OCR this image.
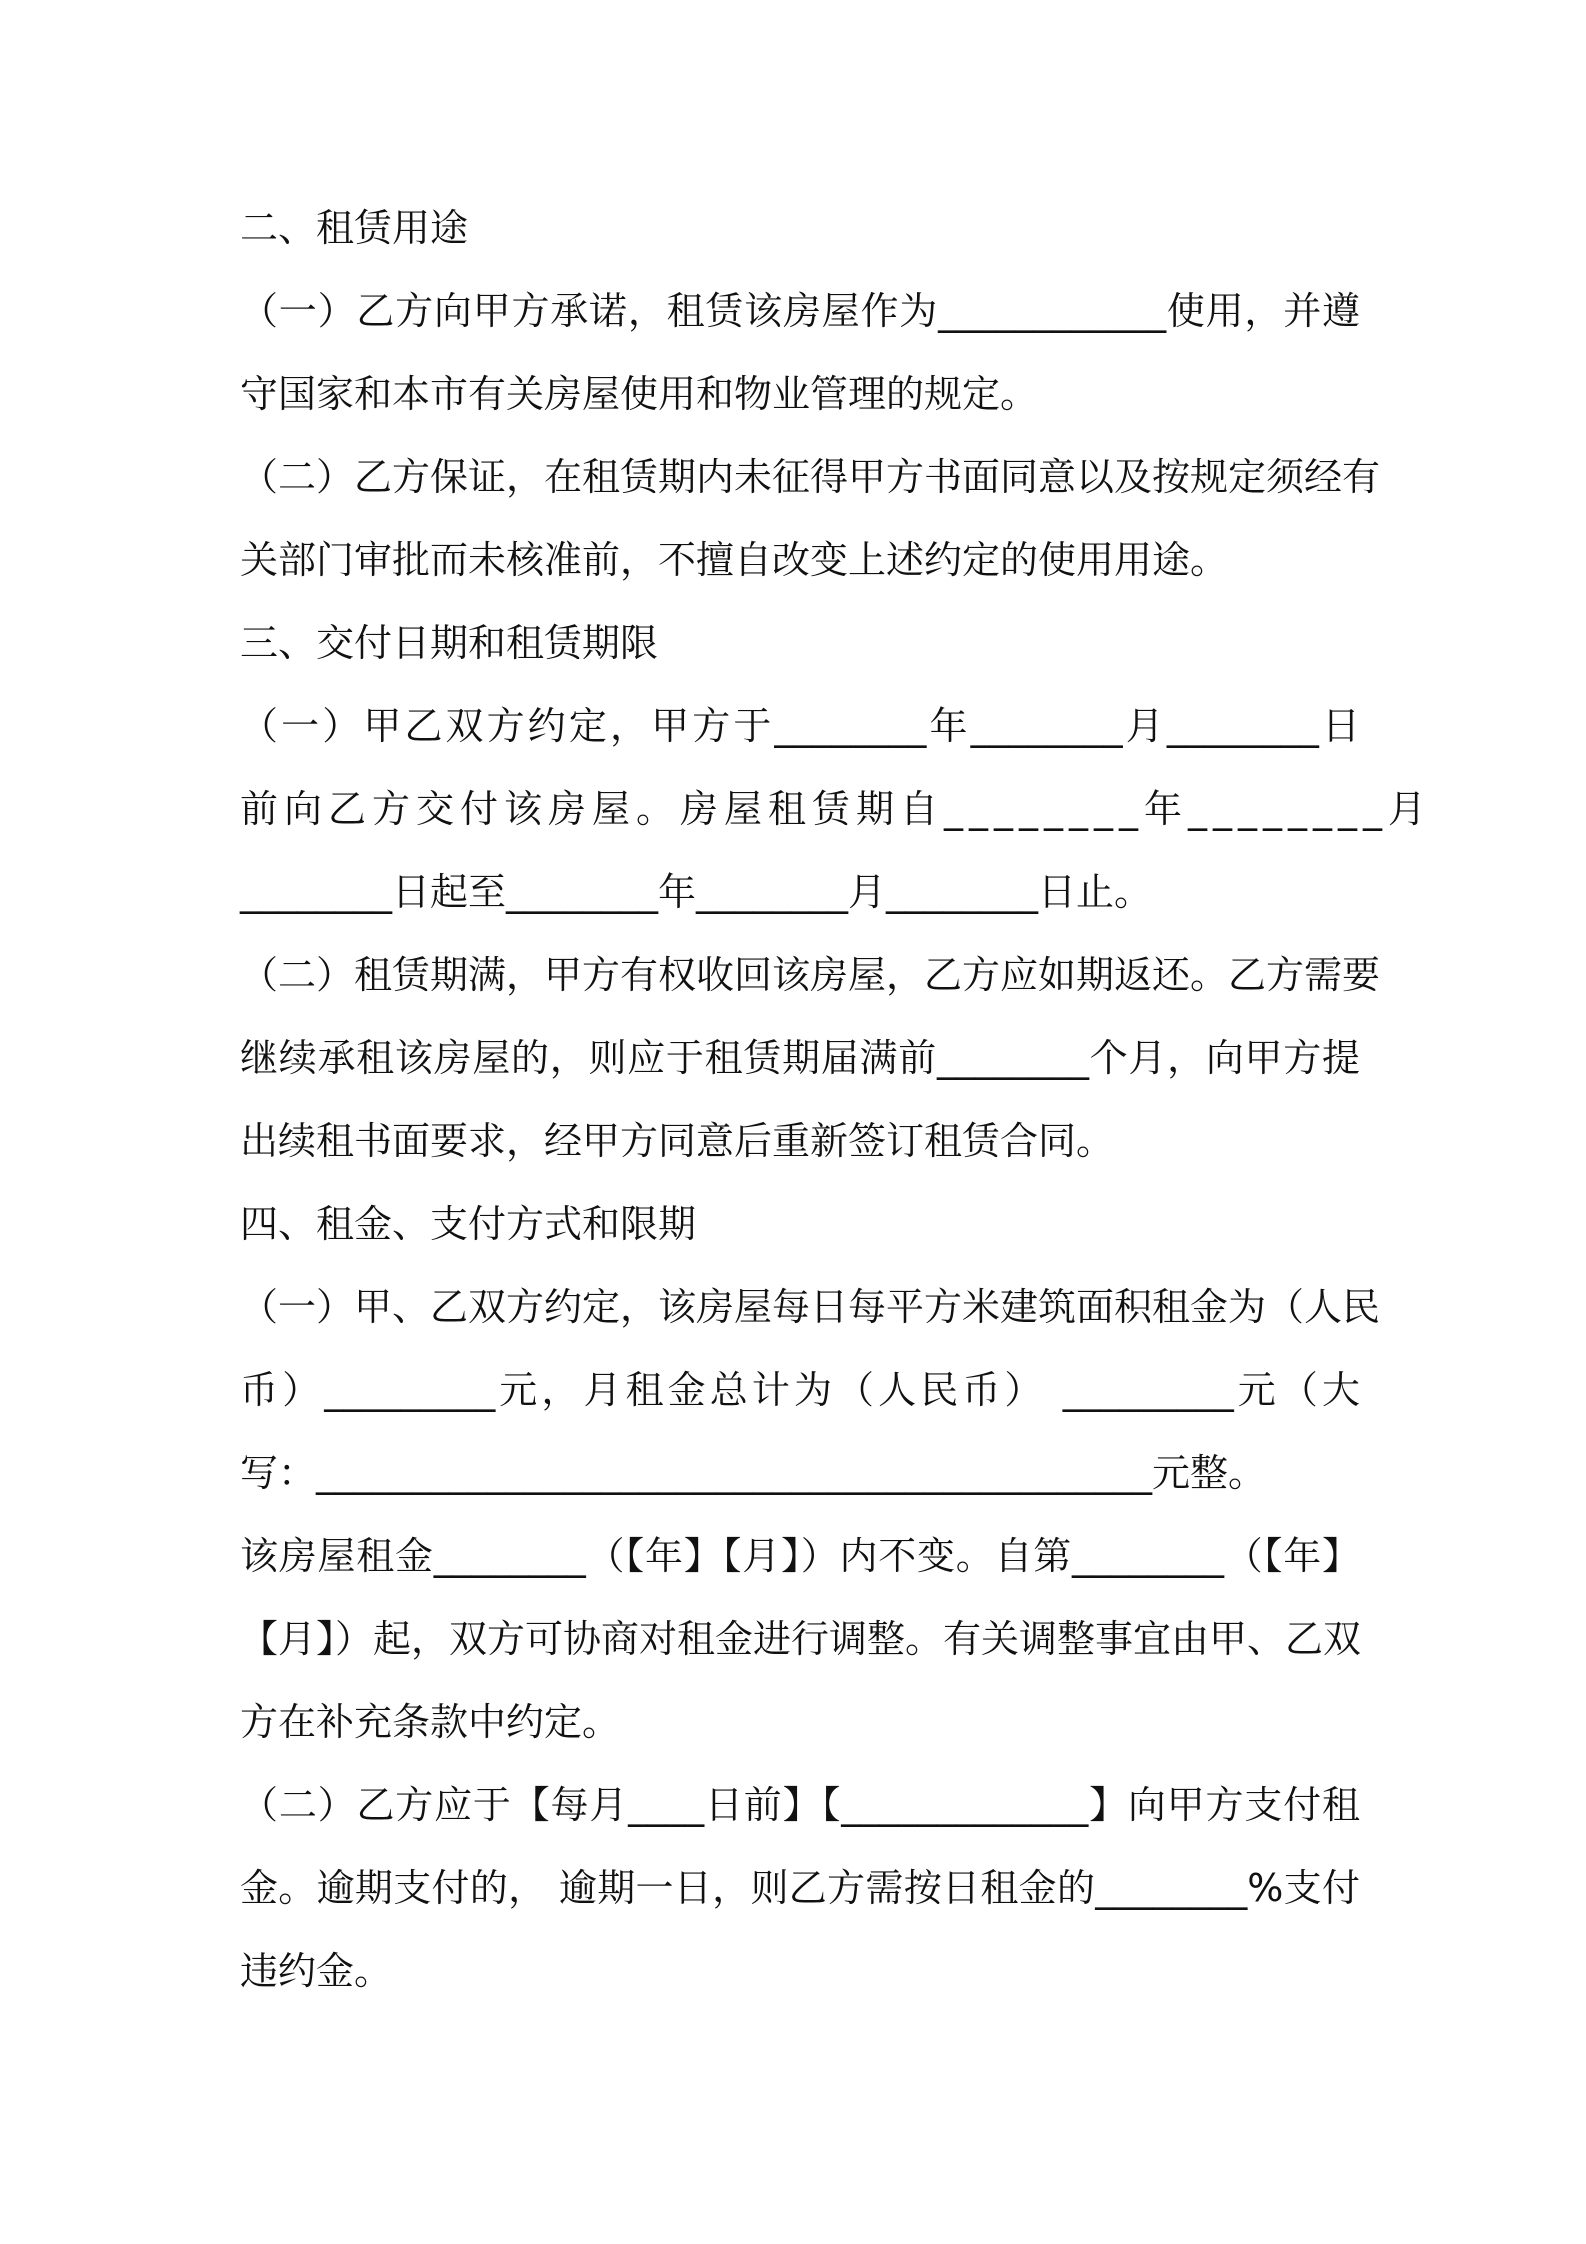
二、租赁用途
（一）乙方向甲方承诺，租赁该房屋作为____________使用，并遵
守国家和本市有关房屋使用和物业管理的规定。
（二）乙方保证，在租赁期内未征得甲方书面同意以及按规定须经有
关部门审批而未核准前，不擅自改变上述约定的使用用途。
三、交付日期和租赁期限
（一）甲乙双方约定，甲方于________年________月________日
前向乙方交付该房屋。房屋租赁期自________年________月
________日起至________年________月________日止。
（二）租赁期满，甲方有权收回该房屋，乙方应如期返还。乙方需要
继续承租该房屋的，则应于租赁期届满前________个月，向甲方提
出续租书面要求，经甲方同意后重新签订租赁合同。
四、租金、支付方式和限期
（一）甲、乙双方约定，该房屋每日每平方米建筑面积租金为（人民
币）_________元，月租金总计为（人民币） _________元（大
写：____________________________________________元整。
该房屋租金________（【年】【月】）内不变。自第________（【年】
【月】）起，双方可协商对租金进行调整。有关调整事宜由甲、乙双
方在补充条款中约定。
（二）乙方应于【每月____日前】【_____________】向甲方支付租
金。逾期支付的， 逾期一日，则乙方需按日租金的________%支付
违约金。
